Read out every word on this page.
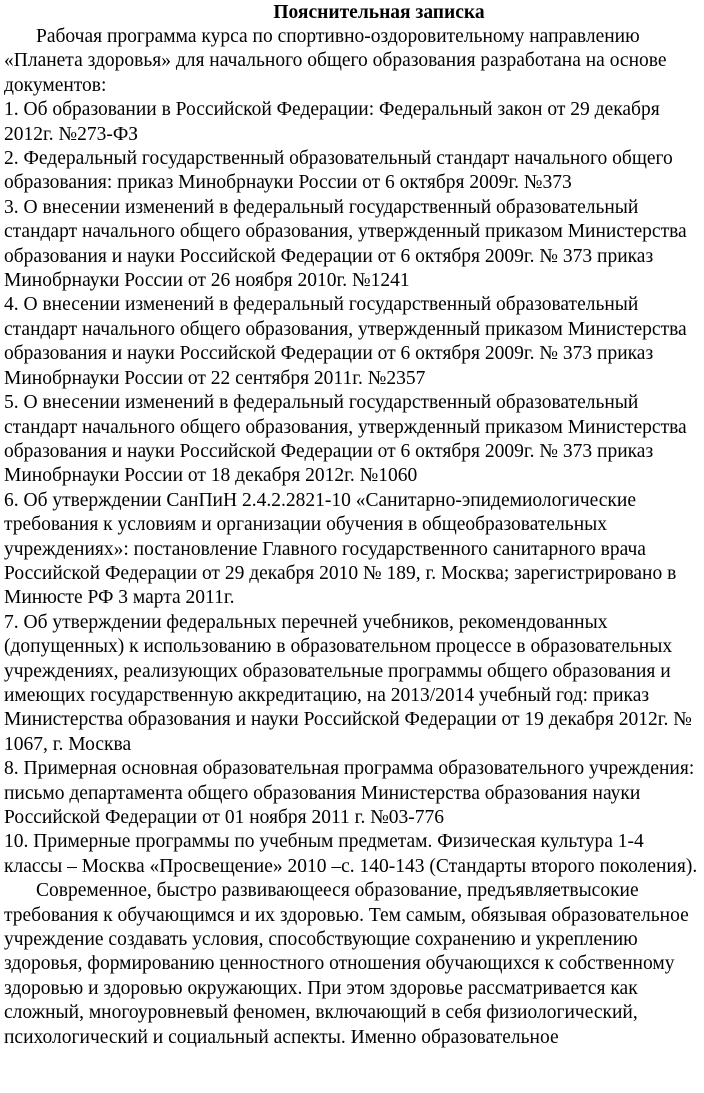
Пояснительная записка

Рабочая программа курса по спортивно-оздоровительному направлению «Планета здоровья» для начального общего образования разработана на основе документов:

1. Об образовании в Российской Федерации: Федеральный закон от 29 декабря 2012г. №273-ФЗ

2. Федеральный государственный образовательный стандарт начального общего образования: приказ Минобрнауки России от 6 октября 2009г. №373

3. О внесении изменений в федеральный государственный образовательный стандарт начального общего образования, утвержденный приказом Министерства образования и науки Российской Федерации от 6 октября 2009г. № 373 приказ Минобрнауки России от 26 ноября 2010г. №1241

4. О внесении изменений в федеральный государственный образовательный стандарт начального общего образования, утвержденный приказом Министерства образования и науки Российской Федерации от 6 октября 2009г. № 373 приказ Минобрнауки России от 22 сентября 2011г. №2357

5. О внесении изменений в федеральный государственный образовательный стандарт начального общего образования, утвержденный приказом Министерства образования и науки Российской Федерации от 6 октября 2009г. № 373 приказ Минобрнауки России от 18 декабря 2012г. №1060

6. Об утверждении СанПиН 2.4.2.2821-10 «Санитарно-эпидемиологические требования к условиям и организации обучения в общеобразовательных учреждениях»: постановление Главного государственного санитарного врача Российской Федерации от 29 декабря 2010 № 189, г. Москва; зарегистрировано в Минюсте РФ 3 марта 2011г.

7. Об утверждении федеральных перечней учебников, рекомендованных (допущенных) к использованию в образовательном процессе в образовательных учреждениях, реализующих образовательные программы общего образования и имеющих государственную аккредитацию, на 2013/2014 учебный год: приказ Министерства образования и науки Российской Федерации от 19 декабря 2012г. № 1067, г. Москва

8. Примерная основная образовательная программа образовательного учреждения: письмо департамента общего образования Министерства образования науки Российской Федерации от 01 ноября 2011 г. №03-776

10. Примерные программы по учебным предметам. Физическая культура 1-4 классы – Москва «Просвещение» 2010 –с. 140-143 (Стандарты второго поколения).

Современное, быстро развивающееся образование, предъявляетвысокие требования к обучающимся и их здоровью. Тем самым, обязывая образовательное учреждение создавать условия, способствующие сохранению и укреплению здоровья, формированию ценностного отношения обучающихся к собственному здоровью и здоровью окружающих. При этом здоровье рассматривается как сложный, многоуровневый феномен, включающий в себя физиологический, психологический и социальный аспекты. Именно образовательное
